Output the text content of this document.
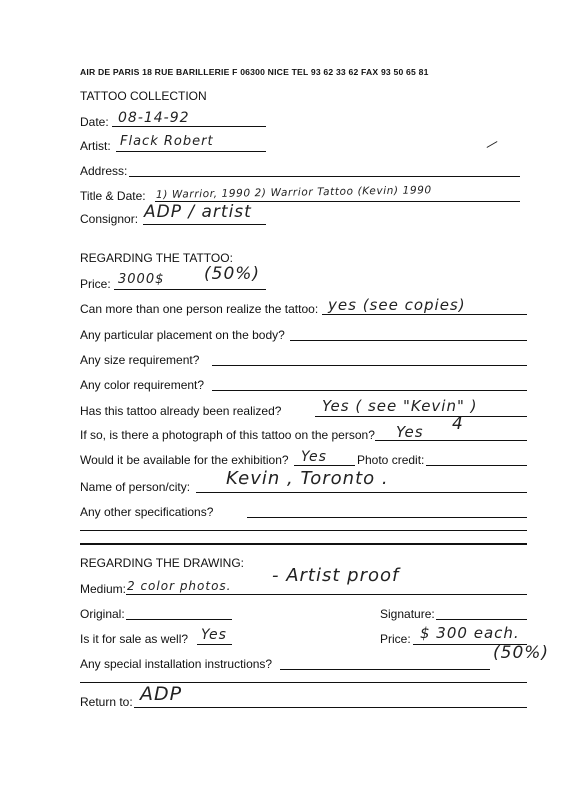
AIR DE PARIS 18 RUE BARILLERIE F 06300 NICE TEL 93 62 33 62 FAX 93 50 65 81
TATTOO COLLECTION
Date: 08-14-92
Artist: Flack Robert
Address:
Title & Date: 1) Warrior, 1990 2) Warrior Tattoo (Kevin) 1990
Consignor: ADP / artist
REGARDING THE TATTOO:
Price: 3000$ (50%)
Can more than one person realize the tattoo: yes (see copies)
Any particular placement on the body?
Any size requirement?
Any color requirement?
Has this tattoo already been realized?	Yes ( see "Kevin" )
If so, is there a photograph of this tattoo on the person? Yes 4
Would it be available for the exhibition? Yes	Photo credit:
Name of person/city: Kevin , Toronto .
Any other specifications?
REGARDING THE DRAWING:
Medium: 2 color photos. - Artist proof
Original:	Signature:
Is it for sale as well? Yes	Price: $ 300 each.
(50%)
Any special installation instructions?
Return to: ADP
